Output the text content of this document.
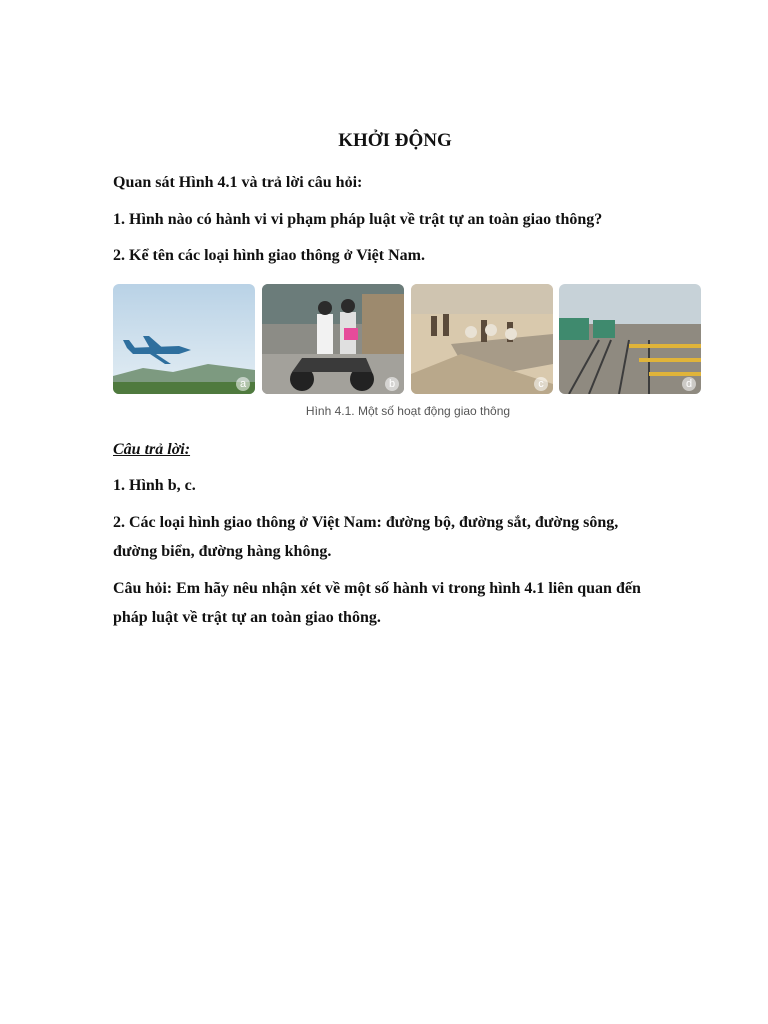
KHỞI ĐỘNG
Quan sát Hình 4.1 và trả lời câu hỏi:
1. Hình nào có hành vi vi phạm pháp luật về trật tự an toàn giao thông?
2. Kể tên các loại hình giao thông ở Việt Nam.
a	b	c	d
Hình 4.1. Một số hoạt động giao thông
Câu trả lời:
1. Hình b, c.
2. Các loại hình giao thông ở Việt Nam: đường bộ, đường sắt, đường sông,
đường biển, đường hàng không.
Câu hỏi: Em hãy nêu nhận xét về một số hành vi trong hình 4.1 liên quan đến
pháp luật về trật tự an toàn giao thông.
